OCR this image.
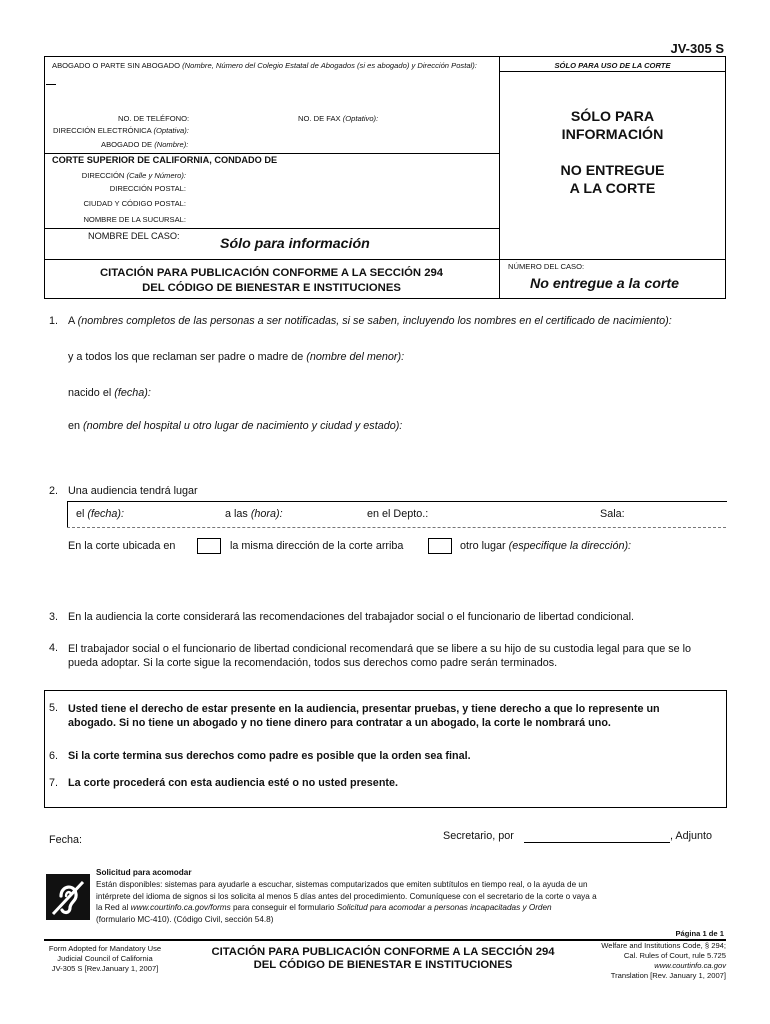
JV-305 S
ABOGADO O PARTE SIN ABOGADO (Nombre, Número del Colegio Estatal de Abogados (si es abogado) y Dirección Postal):	SÓLO PARA USO DE LA CORTE
NO. DE TELÉFONO:	NO. DE FAX (Optativo):
DIRECCIÓN ELECTRÓNICA (Optativa):
ABOGADO DE (Nombre):
SÓLO PARA
INFORMACIÓN
NO ENTREGUE
A LA CORTE
CORTE SUPERIOR DE CALIFORNIA, CONDADO DE
DIRECCIÓN (Calle y Número):
DIRECCIÓN POSTAL:
CIUDAD Y CÓDIGO POSTAL:
NOMBRE DE LA SUCURSAL:
NOMBRE DEL CASO:	Sólo para información
CITACIÓN PARA PUBLICACIÓN CONFORME A LA SECCIÓN 294
DEL CÓDIGO DE BIENESTAR E INSTITUCIONES
NÚMERO DEL CASO:
No entregue a la corte
1. A (nombres completos de las personas a ser notificadas, si se saben, incluyendo los nombres en el certificado de nacimiento):
y a todos los que reclaman ser padre o madre de (nombre del menor):
nacido el (fecha):
en (nombre del hospital u otro lugar de nacimiento y ciudad y estado):
2. Una audiencia tendrá lugar
el (fecha):	a las (hora):	en el Depto.:	Sala:
En la corte ubicada en	la misma dirección de la corte arriba	otro lugar (especifique la dirección):
3. En la audiencia la corte considerará las recomendaciones del trabajador social o el funcionario de libertad condicional.
4. El trabajador social o el funcionario de libertad condicional recomendará que se libere a su hijo de su custodia legal para que se lo
pueda adoptar. Si la corte sigue la recomendación, todos sus derechos como padre serán terminados.
5. Usted tiene el derecho de estar presente en la audiencia, presentar pruebas, y tiene derecho a que lo represente un
abogado. Si no tiene un abogado y no tiene dinero para contratar a un abogado, la corte le nombrará uno.
6. Si la corte termina sus derechos como padre es posible que la orden sea final.
7. La corte procederá con esta audiencia esté o no usted presente.
Fecha:	Secretario, por	, Adjunto
Solicitud para acomodar
Están disponibles: sistemas para ayudarle a escuchar, sistemas computarizados que emiten subtítulos en tiempo real, o la ayuda de un
intérprete del idioma de signos si los solicita al menos 5 días antes del procedimiento. Comuníquese con el secretario de la corte o vaya a
la Red al www.courtinfo.ca.gov/forms para conseguir el formulario Solicitud para acomodar a personas incapacitadas y Orden
(formulario MC-410). (Código Civil, sección 54.8)
Página 1 de 1
Form Adopted for Mandatory Use
Judicial Council of California
JV-305 S [Rev.January 1, 2007]
CITACIÓN PARA PUBLICACIÓN CONFORME A LA SECCIÓN 294
DEL CÓDIGO DE BIENESTAR E INSTITUCIONES
Welfare and Institutions Code, § 294;
Cal. Rules of Court, rule 5.725
www.courtinfo.ca.gov
Translation [Rev. January 1, 2007]
